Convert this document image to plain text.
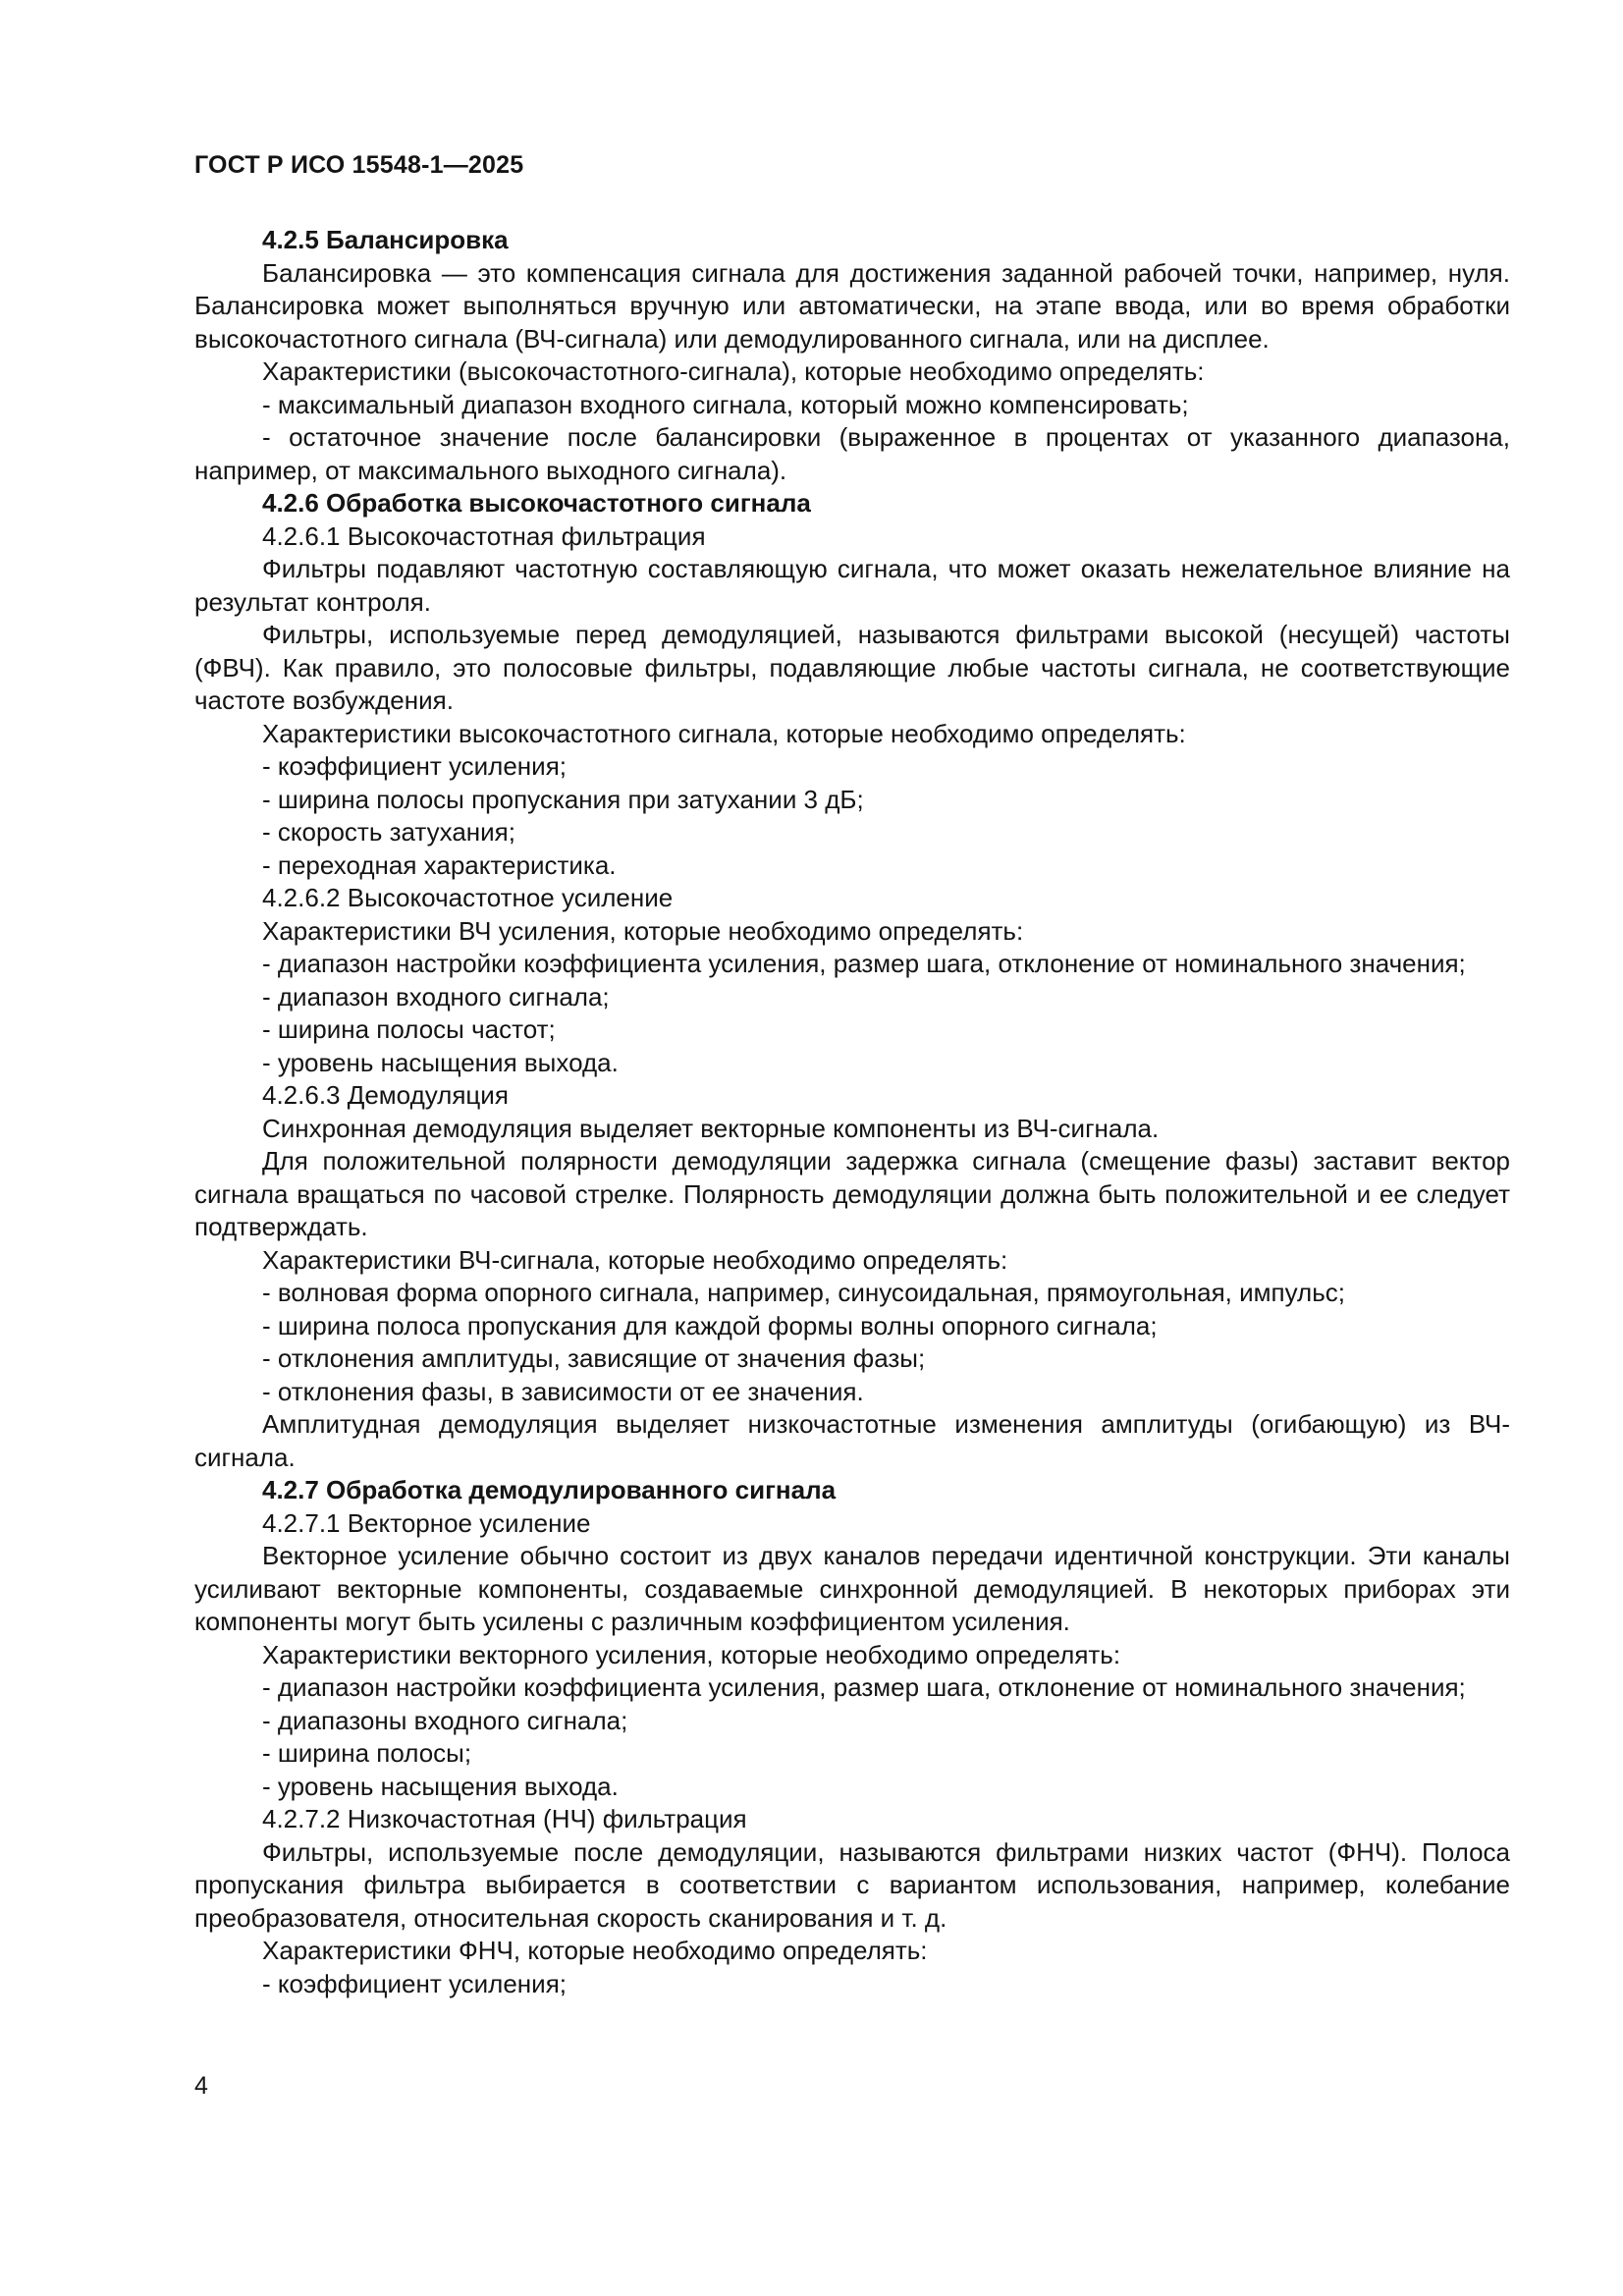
ГОСТ Р ИСО 15548-1—2025

4.2.5 Балансировка

Балансировка — это компенсация сигнала для достижения заданной рабочей точки, например, нуля. Балансировка может выполняться вручную или автоматически, на этапе ввода, или во время обработки высокочастотного сигнала (ВЧ-сигнала) или демодулированного сигнала, или на дисплее.

Характеристики (высокочастотного-сигнала), которые необходимо определять:

- максимальный диапазон входного сигнала, который можно компенсировать;

- остаточное значение после балансировки (выраженное в процентах от указанного диапазона, например, от максимального выходного сигнала).

4.2.6 Обработка высокочастотного сигнала

4.2.6.1 Высокочастотная фильтрация

Фильтры подавляют частотную составляющую сигнала, что может оказать нежелательное влияние на результат контроля.

Фильтры, используемые перед демодуляцией, называются фильтрами высокой (несущей) частоты (ФВЧ). Как правило, это полосовые фильтры, подавляющие любые частоты сигнала, не соответствующие частоте возбуждения.

Характеристики высокочастотного сигнала, которые необходимо определять:

- коэффициент усиления;

- ширина полосы пропускания при затухании 3 дБ;

- скорость затухания;

- переходная характеристика.

4.2.6.2 Высокочастотное усиление

Характеристики ВЧ усиления, которые необходимо определять:

- диапазон настройки коэффициента усиления, размер шага, отклонение от номинального значения;

- диапазон входного сигнала;

- ширина полосы частот;

- уровень насыщения выхода.

4.2.6.3 Демодуляция

Синхронная демодуляция выделяет векторные компоненты из ВЧ-сигнала.

Для положительной полярности демодуляции задержка сигнала (смещение фазы) заставит вектор сигнала вращаться по часовой стрелке. Полярность демодуляции должна быть положительной и ее следует подтверждать.

Характеристики ВЧ-сигнала, которые необходимо определять:

- волновая форма опорного сигнала, например, синусоидальная, прямоугольная, импульс;

- ширина полоса пропускания для каждой формы волны опорного сигнала;

- отклонения амплитуды, зависящие от значения фазы;

- отклонения фазы, в зависимости от ее значения.

Амплитудная демодуляция выделяет низкочастотные изменения амплитуды (огибающую) из ВЧ-сигнала.

4.2.7 Обработка демодулированного сигнала

4.2.7.1 Векторное усиление

Векторное усиление обычно состоит из двух каналов передачи идентичной конструкции. Эти каналы усиливают векторные компоненты, создаваемые синхронной демодуляцией. В некоторых приборах эти компоненты могут быть усилены с различным коэффициентом усиления.

Характеристики векторного усиления, которые необходимо определять:

- диапазон настройки коэффициента усиления, размер шага, отклонение от номинального значения;

- диапазоны входного сигнала;

- ширина полосы;

- уровень насыщения выхода.

4.2.7.2 Низкочастотная (НЧ) фильтрация

Фильтры, используемые после демодуляции, называются фильтрами низких частот (ФНЧ). Полоса пропускания фильтра выбирается в соответствии с вариантом использования, например, колебание преобразователя, относительная скорость сканирования и т. д.

Характеристики ФНЧ, которые необходимо определять:

- коэффициент усиления;

4
